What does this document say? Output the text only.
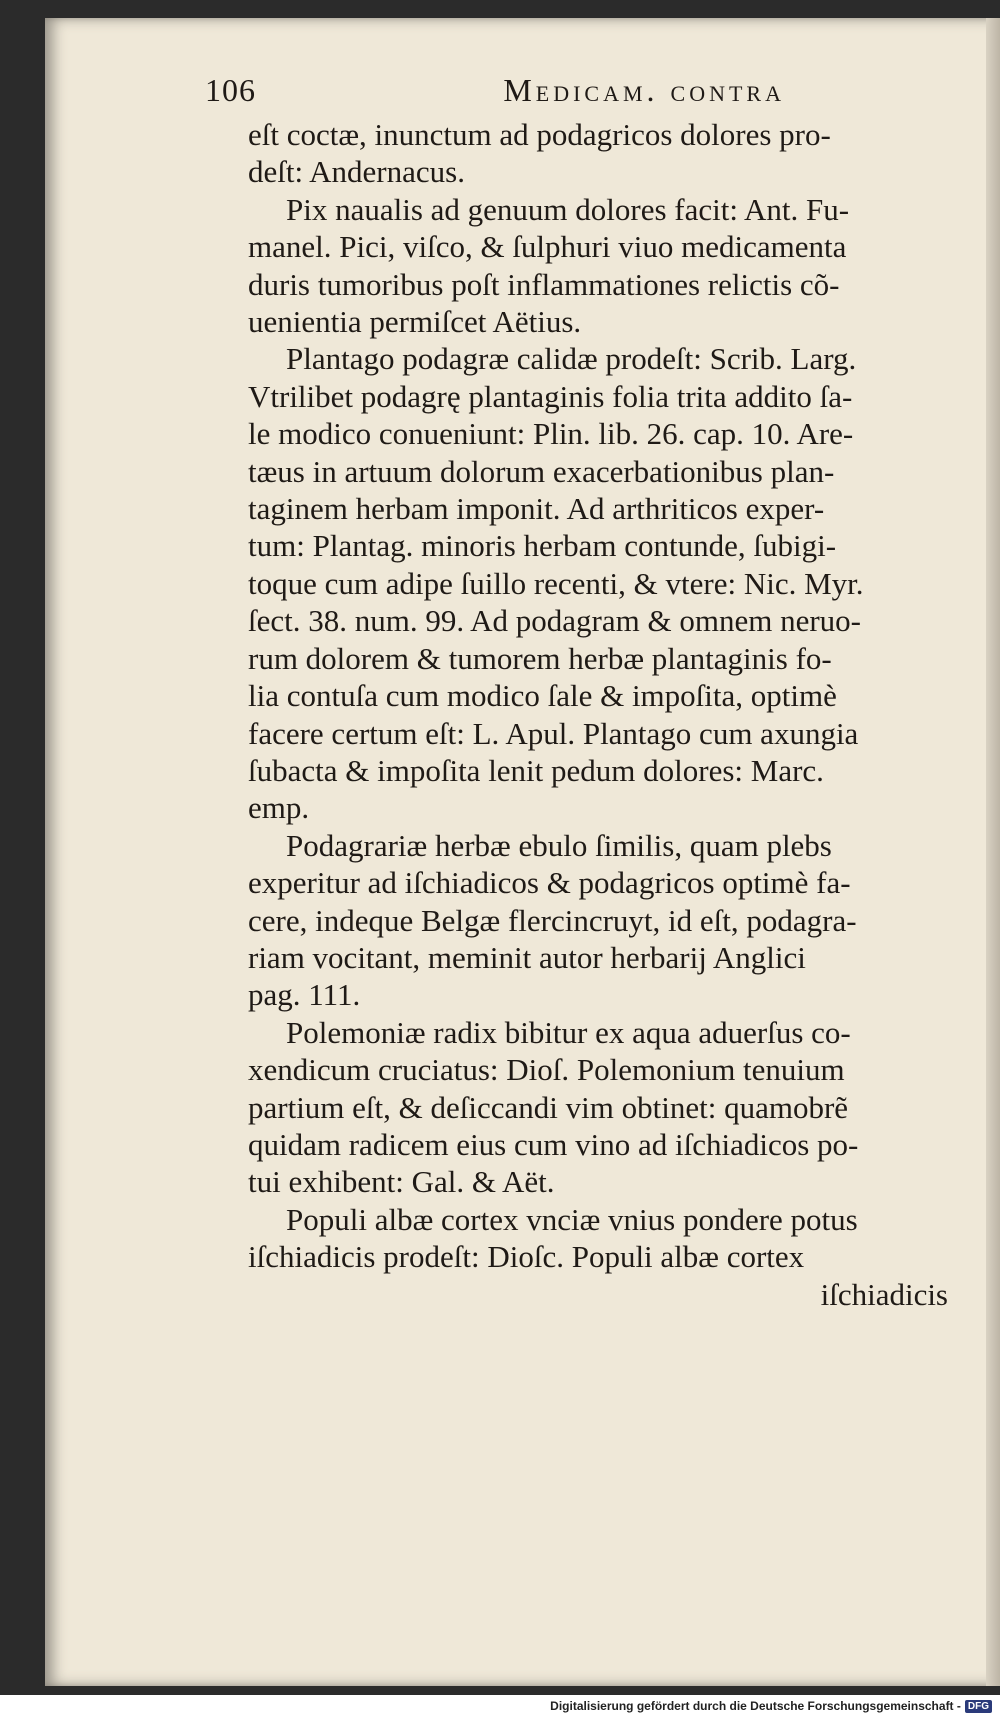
106	Medicam. contra
eſt coctæ, inunctum ad podagricos dolores pro-
deſt: Andernacus.
Pix naualis ad genuum dolores facit: Ant. Fu-
manel. Pici, viſco, & ſulphuri viuo medicamenta
duris tumoribus poſt inflammationes relictis cõ-
uenientia permiſcet Aëtius.
Plantago podagræ calidæ prodeſt: Scrib. Larg.
Vtrilibet podagrę plantaginis folia trita addito ſa-
le modico conueniunt: Plin. lib. 26. cap. 10. Are-
tæus in artuum dolorum exacerbationibus plan-
taginem herbam imponit. Ad arthriticos exper-
tum: Plantag. minoris herbam contunde, ſubigi-
toque cum adipe ſuillo recenti, & vtere: Nic. Myr.
ſect. 38. num. 99. Ad podagram & omnem neruo-
rum dolorem & tumorem herbæ plantaginis fo-
lia contuſa cum modico ſale & impoſita, optimè
facere certum eſt: L. Apul. Plantago cum axungia
ſubacta & impoſita lenit pedum dolores: Marc.
emp.
Podagrariæ herbæ ebulo ſimilis, quam plebs
experitur ad iſchiadicos & podagricos optimè fa-
cere, indeque Belgæ flercincruyt, id eſt, podagra-
riam vocitant, meminit autor herbarij Anglici
pag. 111.
Polemoniæ radix bibitur ex aqua aduerſus co-
xendicum cruciatus: Dioſ. Polemonium tenuium
partium eſt, & deſiccandi vim obtinet: quamobrẽ
quidam radicem eius cum vino ad iſchiadicos po-
tui exhibent: Gal. & Aët.
Populi albæ cortex vnciæ vnius pondere potus
iſchiadicis prodeſt: Dioſc. Populi albæ cortex
iſchiadicis
Digitalisierung gefördert durch die Deutsche Forschungsgemeinschaft - DFG
